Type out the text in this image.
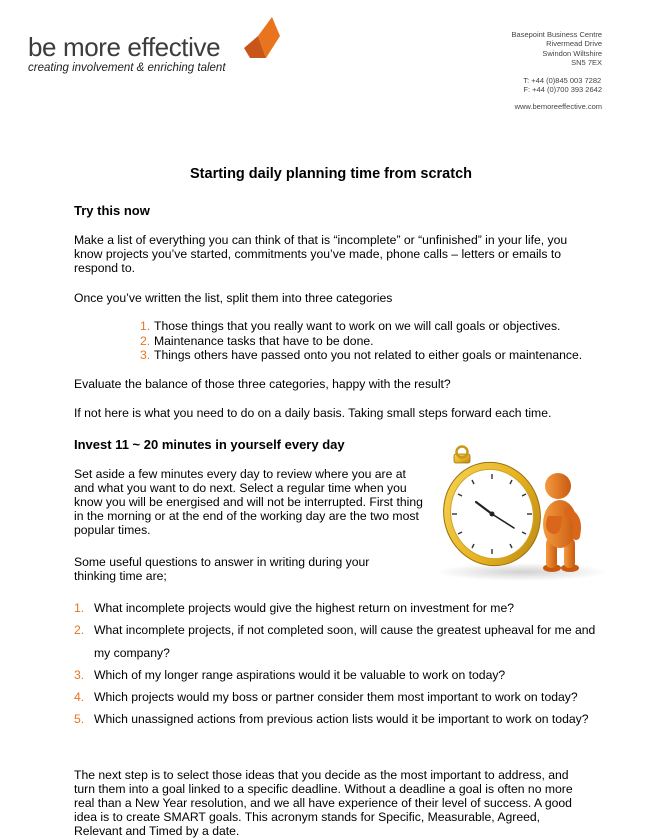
be more effective
creating involvement & enriching talent
Basepoint Business Centre
Rivermead Drive
Swindon Wiltshire
SN5 7EX
T: +44 (0)845 003 7282
F: +44 (0)700 393 2642
www.bemoreeffective.com
Starting daily planning time from scratch
Try this now

Make a list of everything you can think of that is “incomplete” or “unfinished” in your life, you know projects you’ve started, commitments you’ve made, phone calls – letters or emails to respond to.

Once you’ve written the list, split them into three categories

1. Those things that you really want to work on we will call goals or objectives.
2. Maintenance tasks that have to be done.
3. Things others have passed onto you not related to either goals or maintenance.

Evaluate the balance of those three categories, happy with the result?

If not here is what you need to do on a daily basis. Taking small steps forward each time.

Invest 11 ~ 20 minutes in yourself every day

Set aside a few minutes every day to review where you are at and what you want to do next. Select a regular time when you know you will be energised and will not be interrupted. First thing in the morning or at the end of the working day are the two most popular times.

Some useful questions to answer in writing during your thinking time are;

1. What incomplete projects would give the highest return on investment for me?
2. What incomplete projects, if not completed soon, will cause the greatest upheaval for me and my company?
3. Which of my longer range aspirations would it be valuable to work on today?
4. Which projects would my boss or partner consider them most important to work on today?
5. Which unassigned actions from previous action lists would it be important to work on today?

The next step is to select those ideas that you decide as the most important to address, and turn them into a goal linked to a specific deadline. Without a deadline a goal is often no more real than a New Year resolution, and we all have experience of their level of success. A good idea is to create SMART goals. This acronym stands for Specific, Measurable, Agreed, Relevant and Timed by a date.
